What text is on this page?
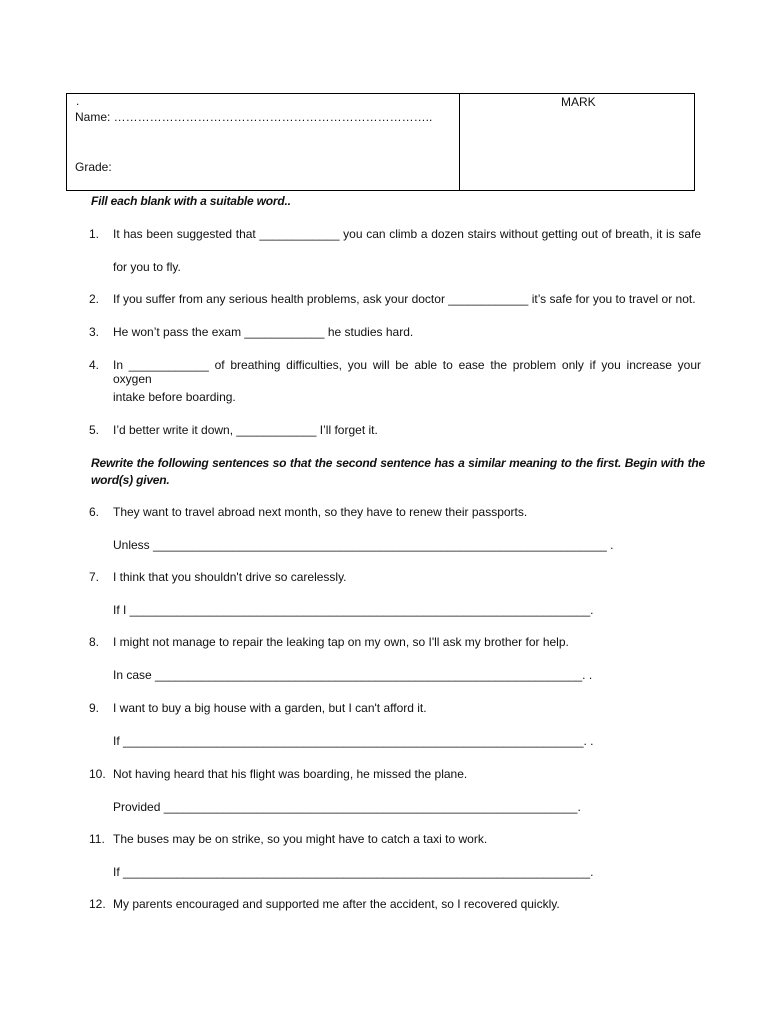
.
Name: ……………………………………………………………………..
Grade:
MARK
Fill each blank with a suitable word..
1. It has been suggested that ____________ you can climb a dozen stairs without getting out of breath, it is safe
for you to fly.
2. If you suffer from any serious health problems, ask your doctor ____________ it’s safe for you to travel or not.
3. He won’t pass the exam ____________ he studies hard.
4. In ____________ of breathing difficulties, you will be able to ease the problem only if you increase your oxygen
intake before boarding.
5. I’d better write it down, ____________ I’ll forget it.
Rewrite the following sentences so that the second sentence has a similar meaning to the first. Begin with the word(s) given.
6. They want to travel abroad next month, so they have to renew their passports.
Unless ____________________________________________________________________ .
7. I think that you shouldn't drive so carelessly.
If I _____________________________________________________________________.
8. I might not manage to repair the leaking tap on my own, so I'll ask my brother for help.
In case ________________________________________________________________. .
9. I want to buy a big house with a garden, but I can't afford it.
If _____________________________________________________________________. .
10. Not having heard that his flight was boarding, he missed the plane.
Provided ______________________________________________________________.
11. The buses may be on strike, so you might have to catch a taxi to work.
If ______________________________________________________________________.
12. My parents encouraged and supported me after the accident, so I recovered quickly.
